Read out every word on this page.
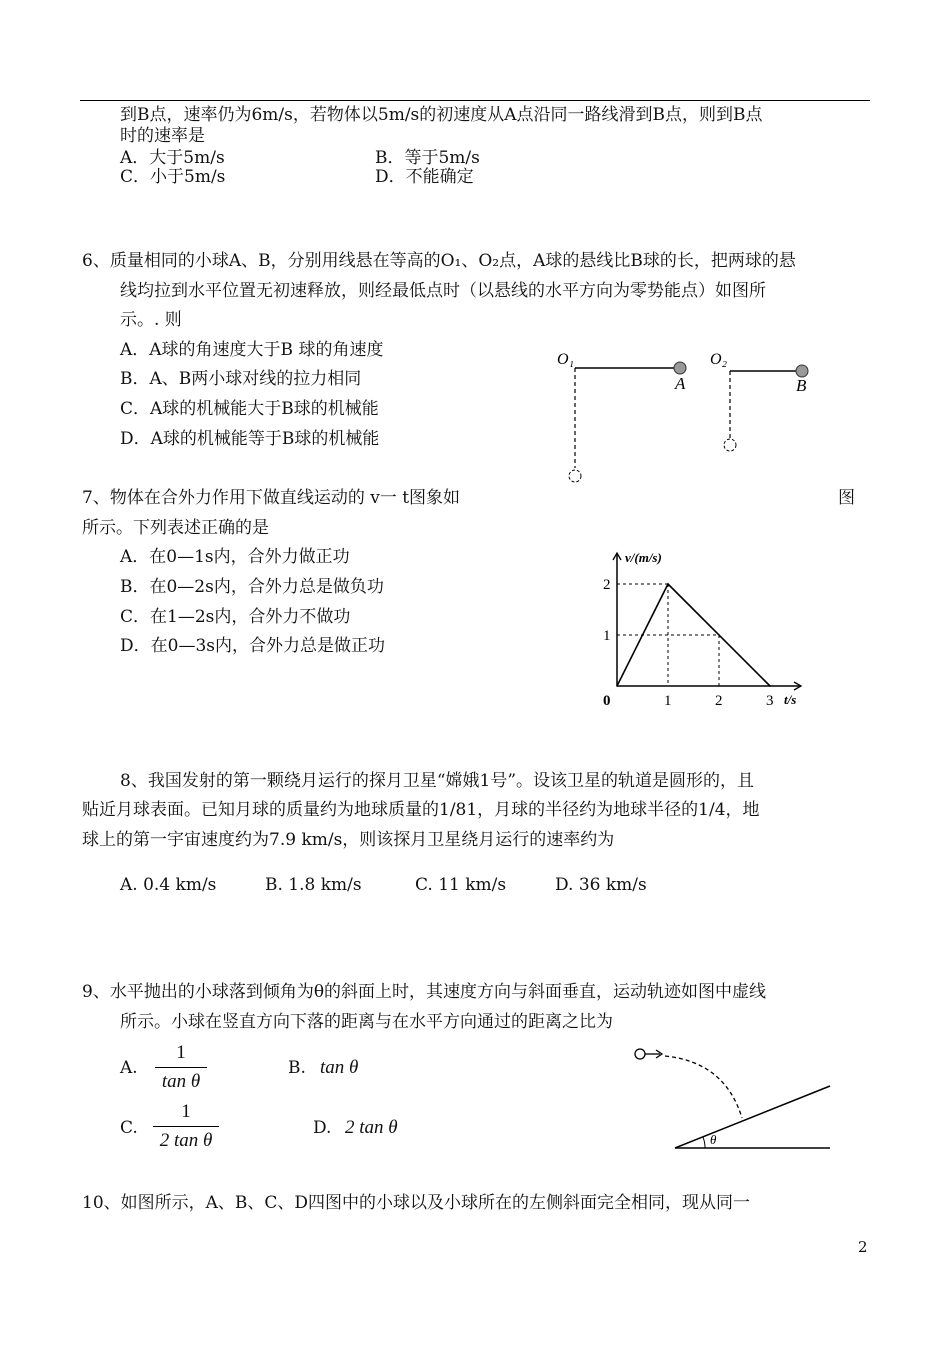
到B点，速率仍为6m/s，若物体以5m/s的初速度从A点沿同一路线滑到B点，则到B点
时的速率是
A．大于5m/s	B．等于5m/s
C．小于5m/s	D．不能确定
6、质量相同的小球A、B，分别用线悬在等高的O₁、O₂点，A球的悬线比B球的长，把两球的悬
线均拉到水平位置无初速释放，则经最低点时（以悬线的水平方向为零势能点）如图所
示。. 则
A．A球的角速度大于B 球的角速度
B．A、B两小球对线的拉力相同
C．A球的机械能大于B球的机械能
D．A球的机械能等于B球的机械能
O₁
A
O₂
B
7、物体在合外力作用下做直线运动的 v一 t图象如	图
所示。下列表述正确的是
A．在0—1s内，合外力做正功
B．在0—2s内，合外力总是做负功
C．在1—2s内，合外力不做功
D．在0—3s内，合外力总是做正功
v/(m/s)
t/s
0	1	2	3
1
2
8、我国发射的第一颗绕月运行的探月卫星“嫦娥1号”。设该卫星的轨道是圆形的，且
贴近月球表面。已知月球的质量约为地球质量的1/81，月球的半径约为地球半径的1/4，地
球上的第一宇宙速度约为7.9 km/s，则该探月卫星绕月运行的速率约为
A. 0.4 km/s	B. 1.8 km/s	C. 11 km/s	D. 36 km/s
9、水平抛出的小球落到倾角为θ的斜面上时，其速度方向与斜面垂直，运动轨迹如图中虚线
所示。小球在竖直方向下落的距离与在水平方向通过的距离之比为
A.
1
tan θ
B. tan θ
C.
1
2 tan θ
D. 2 tan θ
θ
10、如图所示，A、B、C、D四图中的小球以及小球所在的左侧斜面完全相同，现从同一
2
